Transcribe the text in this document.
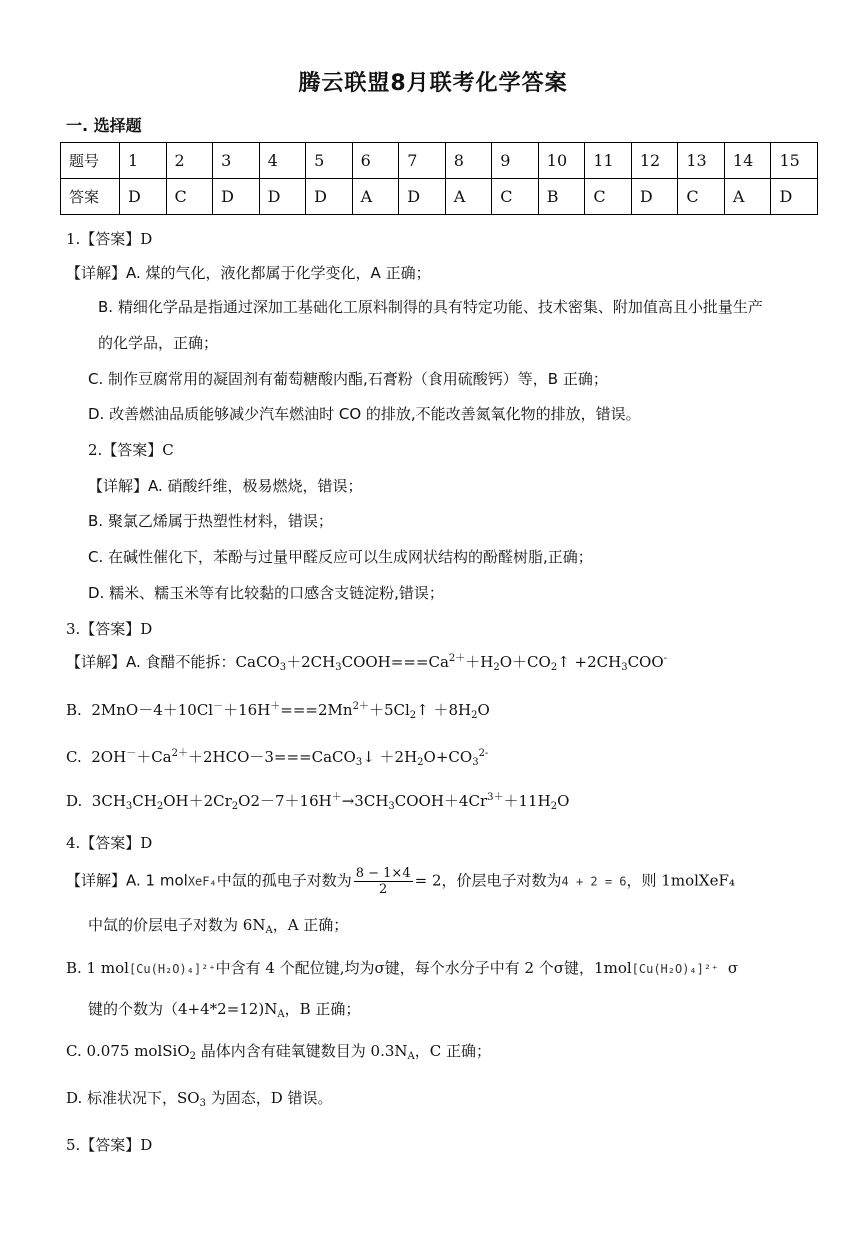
腾云联盟8月联考化学答案
一. 选择题
题号	1	2	3	4	5	6	7	8	9	10	11	12	13	14	15
答案	D	C	D	D	D	A	D	A	C	B	C	D	C	A	D
1.【答案】D
【详解】A. 煤的气化，液化都属于化学变化，A 正确；
B. 精细化学品是指通过深加工基础化工原料制得的具有特定功能、技术密集、附加值高且小批量生产
的化学品，正确；
C. 制作豆腐常用的凝固剂有葡萄糖酸内酯,石膏粉（食用硫酸钙）等，B 正确；
D. 改善燃油品质能够减少汽车燃油时 CO 的排放,不能改善氮氧化物的排放，错误。
2.【答案】C
【详解】A. 硝酸纤维，极易燃烧，错误；
B. 聚氯乙烯属于热塑性材料，错误；
C. 在碱性催化下，苯酚与过量甲醛反应可以生成网状结构的酚醛树脂,正确；
D. 糯米、糯玉米等有比较黏的口感含支链淀粉,错误；
3.【答案】D
【详解】A. 食醋不能拆：$CaCO_3+2CH_3COOH===Ca^{2+}+H_2O+CO_2↑ +2CH_3COO^-$
B.  $2MnO-4+10Cl^-+16H^+===2Mn^{2+}+5Cl_2↑ +8H_2O$
C.  $2OH^-+Ca^{2+}+2HCO-3===CaCO_3↓ +2H_2O+CO_3^{2-}$
D.  $3CH_3CH_2OH+2Cr_2O2-7+16H^+\to 3CH_3COOH+4Cr^{3+}+11H_2O$
4.【答案】D
【详解】A. 1 molXeF₄中氙的孤电子对数为 $\frac{8 - 1\times 4}{2} = 2$，价层电子对数为4 + 2 = 6，则 1molXeF₄
中氙的价层电子对数为 $6N_A$，A 正确；
B. 1 mol[Cu(H₂O)₄]²⁺中含有 4 个配位键,均为σ键，每个水分子中有 2 个σ键，1mol[Cu(H₂O)₄]²⁺ σ
键的个数为$(4+4*2=12)N_A$，B 正确；
C. 0.075 molSiO$_2$ 晶体内含有硅氧键数目为 $0.3N_A$，C 正确；
D. 标准状况下，$SO_3$ 为固态，D 错误。
5.【答案】D
